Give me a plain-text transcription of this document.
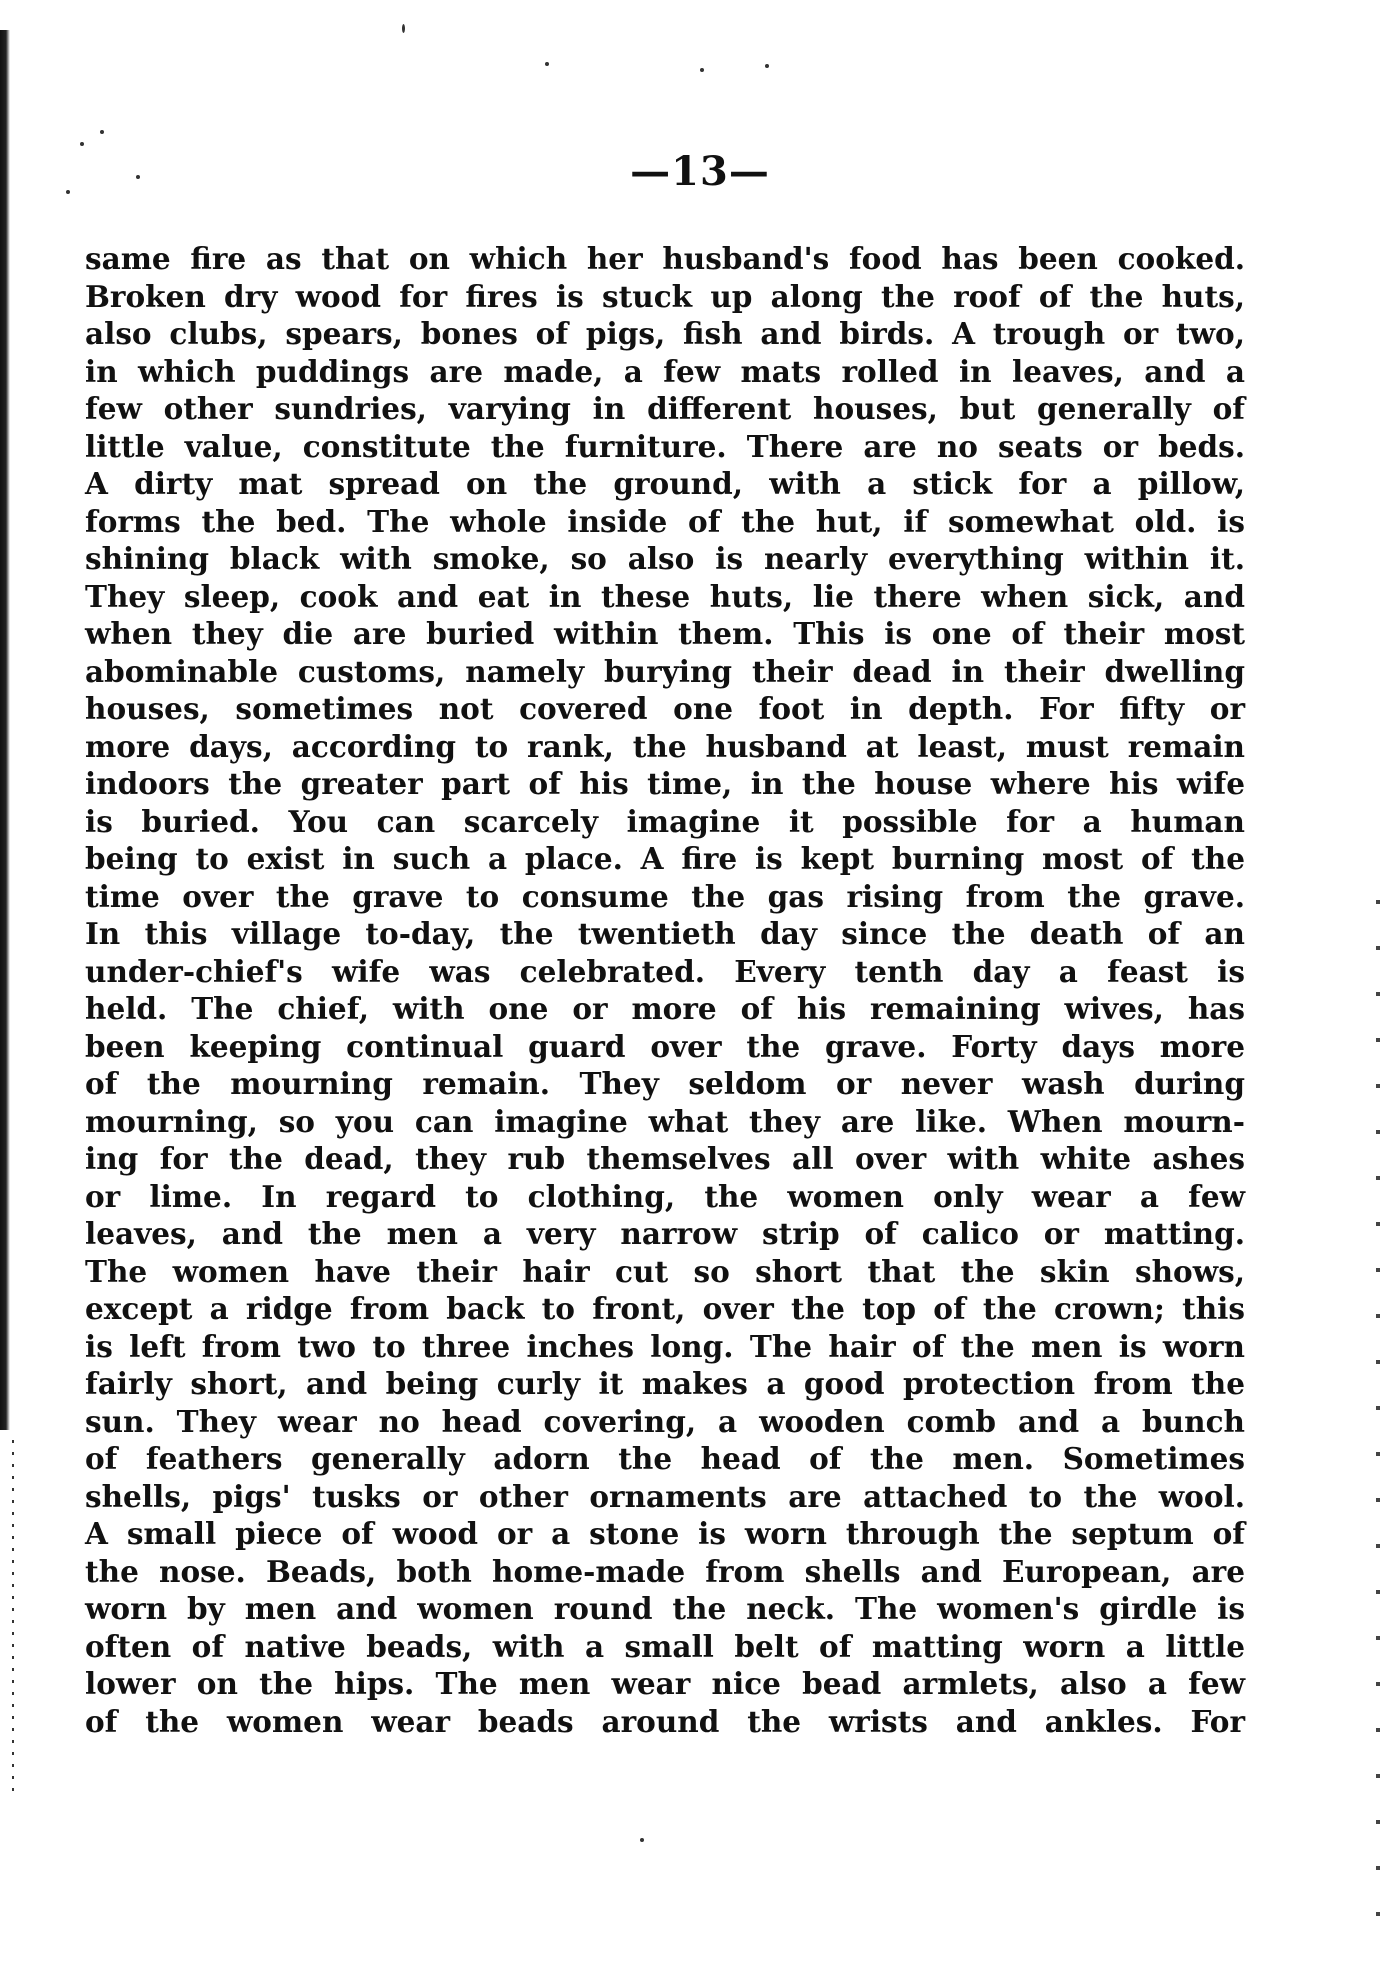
—13—
same fire as that on which her husband's food has been cooked.
Broken dry wood for fires is stuck up along the roof of the huts,
also clubs, spears, bones of pigs, fish and birds. A trough or two,
in which puddings are made, a few mats rolled in leaves, and a
few other sundries, varying in different houses, but generally of
little value, constitute the furniture. There are no seats or beds.
A dirty mat spread on the ground, with a stick for a pillow,
forms the bed. The whole inside of the hut, if somewhat old. is
shining black with smoke, so also is nearly everything within it.
They sleep, cook and eat in these huts, lie there when sick, and
when they die are buried within them. This is one of their most
abominable customs, namely burying their dead in their dwelling
houses, sometimes not covered one foot in depth. For fifty or
more days, according to rank, the husband at least, must remain
indoors the greater part of his time, in the house where his wife
is buried. You can scarcely imagine it possible for a human
being to exist in such a place. A fire is kept burning most of the
time over the grave to consume the gas rising from the grave.
In this village to-day, the twentieth day since the death of an
under-chief's wife was celebrated. Every tenth day a feast is
held. The chief, with one or more of his remaining wives, has
been keeping continual guard over the grave. Forty days more
of the mourning remain. They seldom or never wash during
mourning, so you can imagine what they are like. When mourn-
ing for the dead, they rub themselves all over with white ashes
or lime. In regard to clothing, the women only wear a few
leaves, and the men a very narrow strip of calico or matting.
The women have their hair cut so short that the skin shows,
except a ridge from back to front, over the top of the crown; this
is left from two to three inches long. The hair of the men is worn
fairly short, and being curly it makes a good protection from the
sun. They wear no head covering, a wooden comb and a bunch
of feathers generally adorn the head of the men. Sometimes
shells, pigs' tusks or other ornaments are attached to the wool.
A small piece of wood or a stone is worn through the septum of
the nose. Beads, both home-made from shells and European, are
worn by men and women round the neck. The women's girdle is
often of native beads, with a small belt of matting worn a little
lower on the hips. The men wear nice bead armlets, also a few
of the women wear beads around the wrists and ankles. For
